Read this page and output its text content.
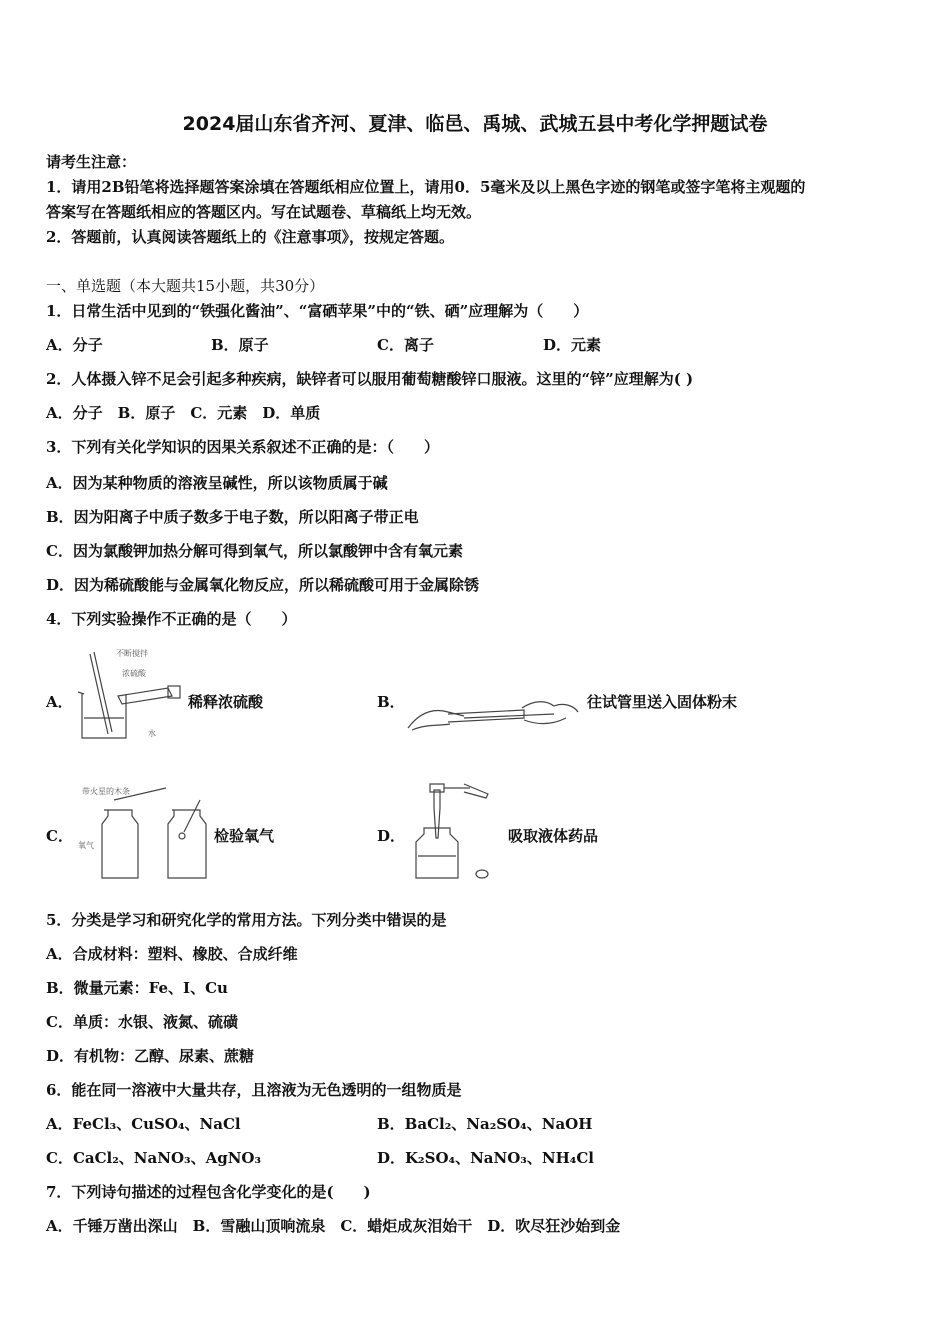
2024届山东省齐河、夏津、临邑、禹城、武城五县中考化学押题试卷
请考生注意：
1．请用2B铅笔将选择题答案涂填在答题纸相应位置上，请用0．5毫米及以上黑色字迹的钢笔或签字笔将主观题的
答案写在答题纸相应的答题区内。写在试题卷、草稿纸上均无效。
2．答题前，认真阅读答题纸上的《注意事项》，按规定答题。
一、单选题（本大题共15小题，共30分）
1．日常生活中见到的“铁强化酱油”、“富硒苹果”中的“铁、硒”应理解为（　　）
A．分子	B．原子	C．离子	D．元素
2．人体摄入锌不足会引起多种疾病，缺锌者可以服用葡萄糖酸锌口服液。这里的“锌”应理解为( )
A．分子　B．原子　C．元素　D．单质
3．下列有关化学知识的因果关系叙述不正确的是：（　　）
A．因为某种物质的溶液呈碱性，所以该物质属于碱
B．因为阳离子中质子数多于电子数，所以阳离子带正电
C．因为氯酸钾加热分解可得到氧气，所以氯酸钾中含有氧元素
D．因为稀硫酸能与金属氧化物反应，所以稀硫酸可用于金属除锈
4．下列实验操作不正确的是（　　）
A．
不断搅拌
浓硫酸
水
稀释浓硫酸	B．	往试管里送入固体粉末
C．
带火星的木条
氧气
检验氧气	D．	吸取液体药品
5．分类是学习和研究化学的常用方法。下列分类中错误的是
A．合成材料：塑料、橡胶、合成纤维
B．微量元素：Fe、I、Cu
C．单质：水银、液氮、硫磺
D．有机物：乙醇、尿素、蔗糖
6．能在同一溶液中大量共存，且溶液为无色透明的一组物质是
A．FeCl₃、CuSO₄、NaCl	B．BaCl₂、Na₂SO₄、NaOH
C．CaCl₂、NaNO₃、AgNO₃	D．K₂SO₄、NaNO₃、NH₄Cl
7．下列诗句描述的过程包含化学变化的是(　　)
A．千锤万凿出深山　B．雪融山顶响流泉　C．蜡炬成灰泪始干　D．吹尽狂沙始到金
